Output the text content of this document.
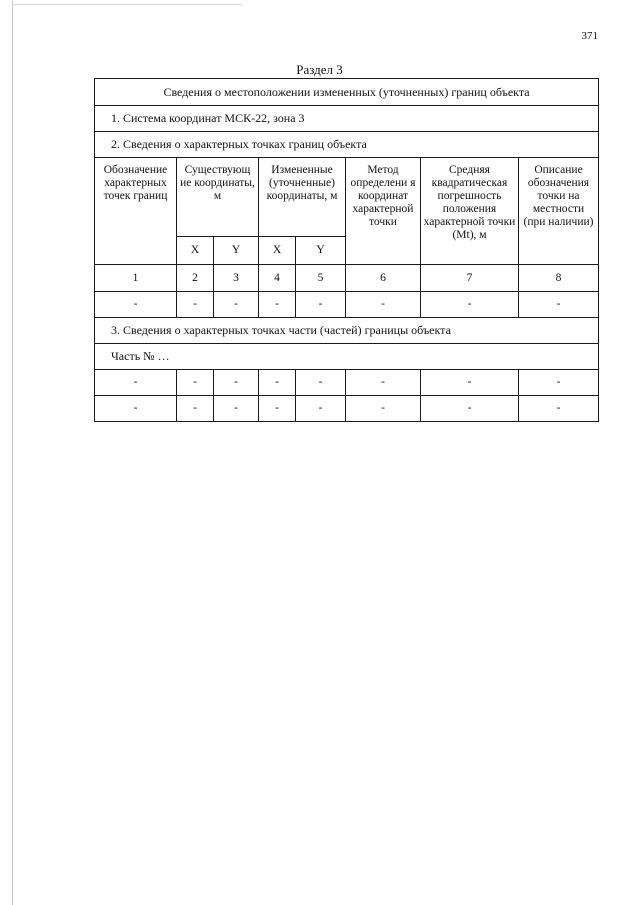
371
Раздел 3
Сведения о местоположении измененных (уточненных) границ объекта							
1. Система координат МСК-22, зона 3							
2. Сведения о характерных точках границ объекта							
Обозначение характерных точек границ	Существующ ие координаты, м		Измененные (уточненные) координаты, м		Метод определени я координат характерной точки	Средняя квадратическая погрешность положения характерной точки (Mt), м	Описание обозначения точки на местности (при наличии)
	X	Y	X	Y			
1	2	3	4	5	6	7	8
-	-	-	-	-	-	-	-
3. Сведения о характерных точках части (частей) границы объекта							
Часть № …							
-	-	-	-	-	-	-	-
-	-	-	-	-	-	-	-
